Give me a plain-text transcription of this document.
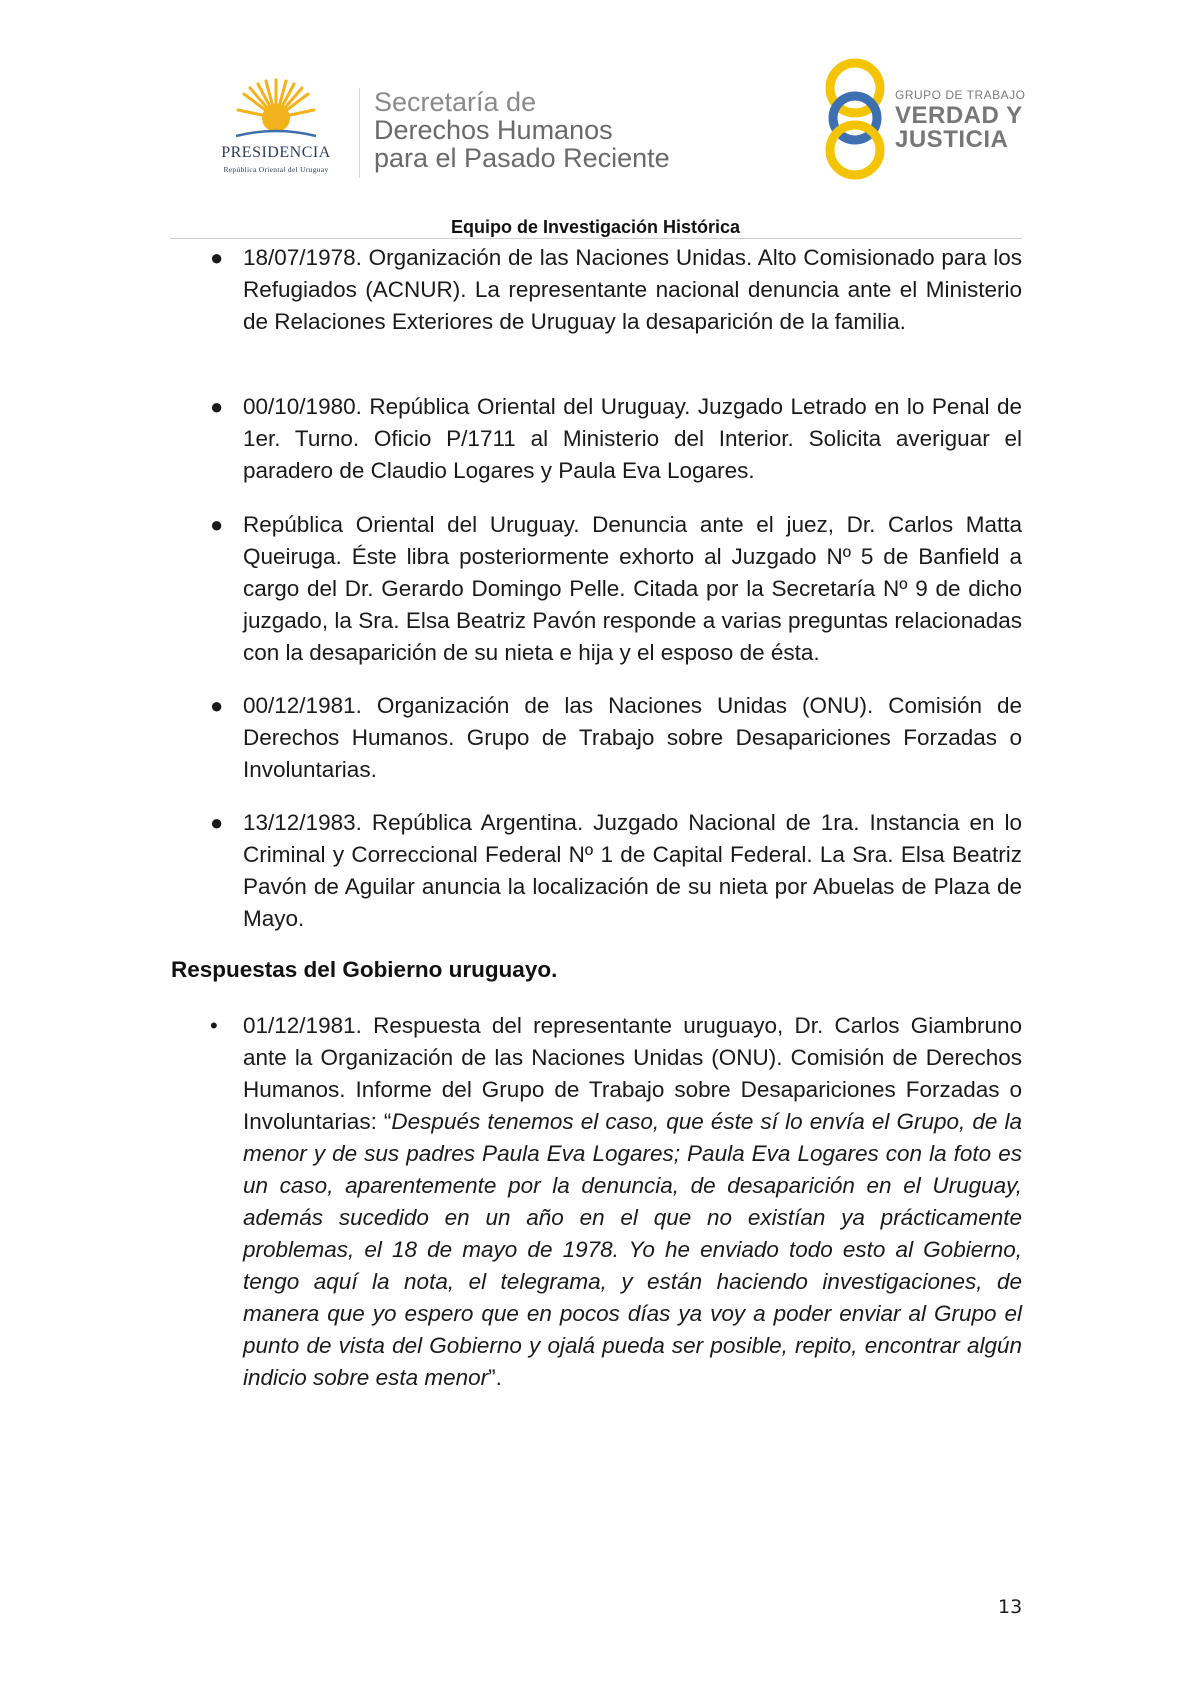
PRESIDENCIA
República Oriental del Uruguay
Secretaría de
Derechos Humanos
para el Pasado Reciente
GRUPO DE TRABAJO
VERDAD Y
JUSTICIA
Equipo de Investigación Histórica
● 18/07/1978. Organización de las Naciones Unidas. Alto Comisionado para los Refugiados (ACNUR). La representante nacional denuncia ante el Ministerio de Relaciones Exteriores de Uruguay la desaparición de la familia.
● 00/10/1980. República Oriental del Uruguay. Juzgado Letrado en lo Penal de 1er. Turno. Oficio P/1711 al Ministerio del Interior. Solicita averiguar el paradero de Claudio Logares y Paula Eva Logares.
● República Oriental del Uruguay. Denuncia ante el juez, Dr. Carlos Matta Queiruga. Éste libra posteriormente exhorto al Juzgado Nº 5 de Banfield a cargo del Dr. Gerardo Domingo Pelle. Citada por la Secretaría Nº 9 de dicho juzgado, la Sra. Elsa Beatriz Pavón responde a varias preguntas relacionadas con la desaparición de su nieta e hija y el esposo de ésta.
● 00/12/1981. Organización de las Naciones Unidas (ONU). Comisión de Derechos Humanos. Grupo de Trabajo sobre Desapariciones Forzadas o Involuntarias.
● 13/12/1983. República Argentina. Juzgado Nacional de 1ra. Instancia en lo Criminal y Correccional Federal Nº 1 de Capital Federal. La Sra. Elsa Beatriz Pavón de Aguilar anuncia la localización de su nieta por Abuelas de Plaza de Mayo.
Respuestas del Gobierno uruguayo.
• 01/12/1981. Respuesta del representante uruguayo, Dr. Carlos Giambruno ante la Organización de las Naciones Unidas (ONU). Comisión de Derechos Humanos. Informe del Grupo de Trabajo sobre Desapariciones Forzadas o Involuntarias: “Después tenemos el caso, que éste sí lo envía el Grupo, de la menor y de sus padres Paula Eva Logares; Paula Eva Logares con la foto es un caso, aparentemente por la denuncia, de desaparición en el Uruguay, además sucedido en un año en el que no existían ya prácticamente problemas, el 18 de mayo de 1978. Yo he enviado todo esto al Gobierno, tengo aquí la nota, el telegrama, y están haciendo investigaciones, de manera que yo espero que en pocos días ya voy a poder enviar al Grupo el punto de vista del Gobierno y ojalá pueda ser posible, repito, encontrar algún indicio sobre esta menor”.
13
